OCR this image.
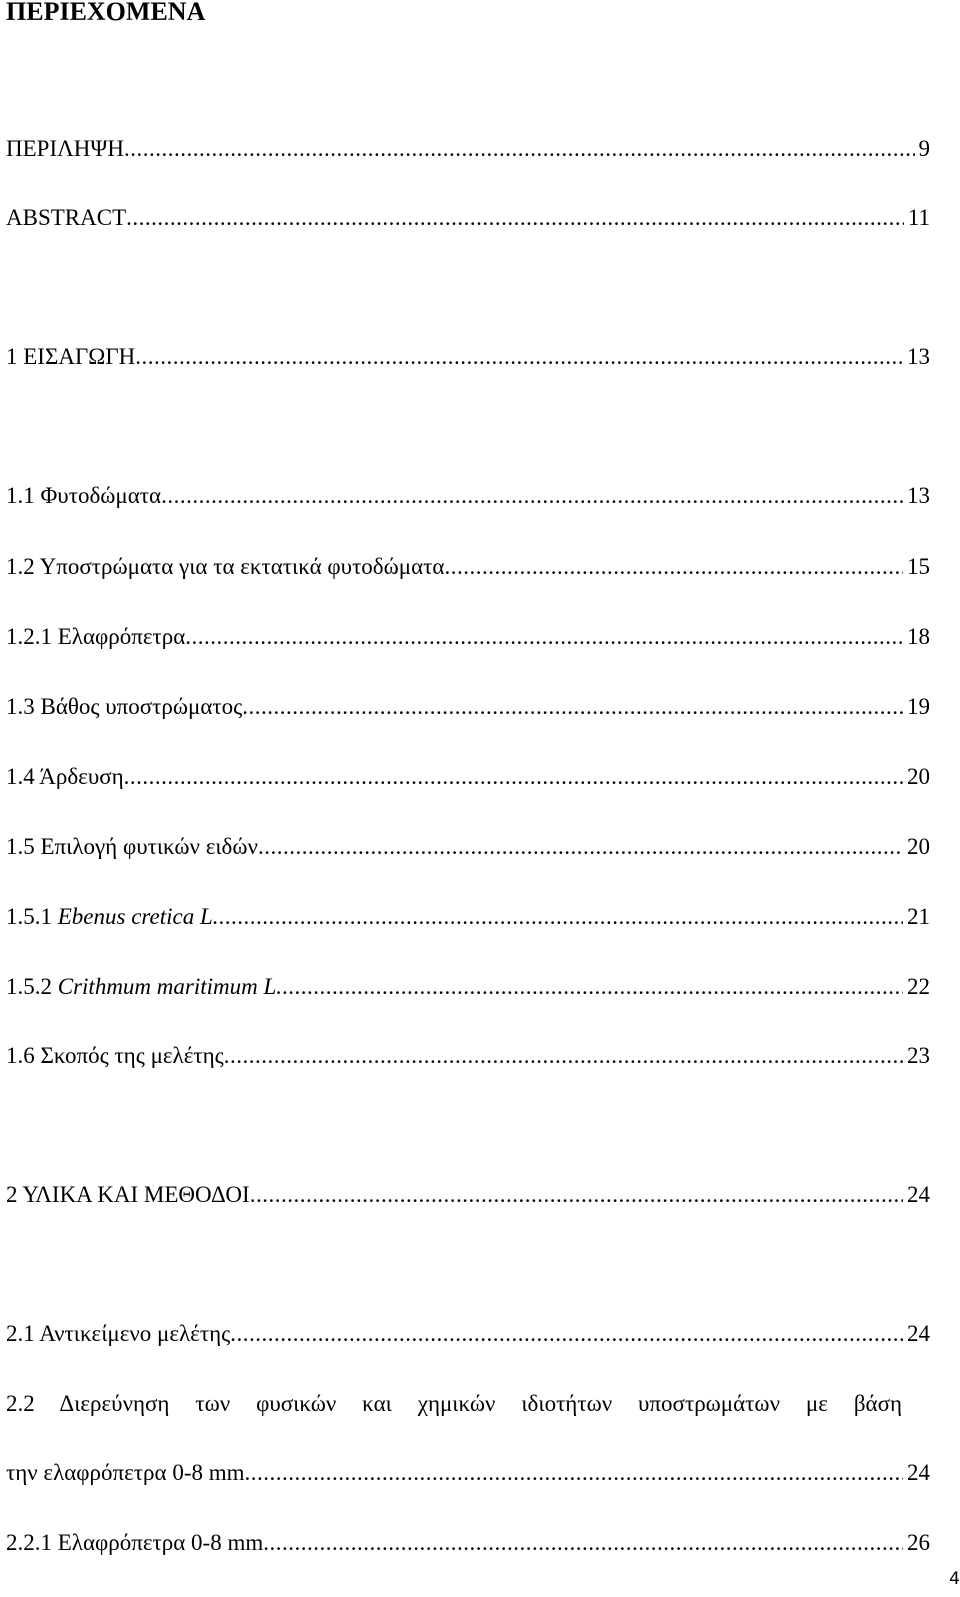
ΠΕΡΙΕΧΟΜΕΝΑ
ΠΕΡΙΛΗΨΗ .....	9
ABSTRACT .....	11
1 ΕΙΣΑΓΩΓΗ .....	13
1.1 Φυτοδώματα .....	13
1.2 Υποστρώματα για τα εκτατικά φυτοδώματα .....	15
1.2.1 Ελαφρόπετρα .....	18
1.3 Βάθος υποστρώματος .....	19
1.4 Άρδευση .....	20
1.5 Επιλογή φυτικών ειδών .....	20
1.5.1 Ebenus cretica L. .....	21
1.5.2 Crithmum maritimum L. .....	22
1.6 Σκοπός της μελέτης .....	23
2 ΥΛΙΚΑ ΚΑΙ ΜΕΘΟΔΟΙ .....	24
2.1 Αντικείμενο μελέτης .....	24
2.2 Διερεύνηση των φυσικών και χημικών ιδιοτήτων υποστρωμάτων με βάση
την ελαφρόπετρα 0-8 mm .....	24
2.2.1 Ελαφρόπετρα 0-8 mm .....	26
4
